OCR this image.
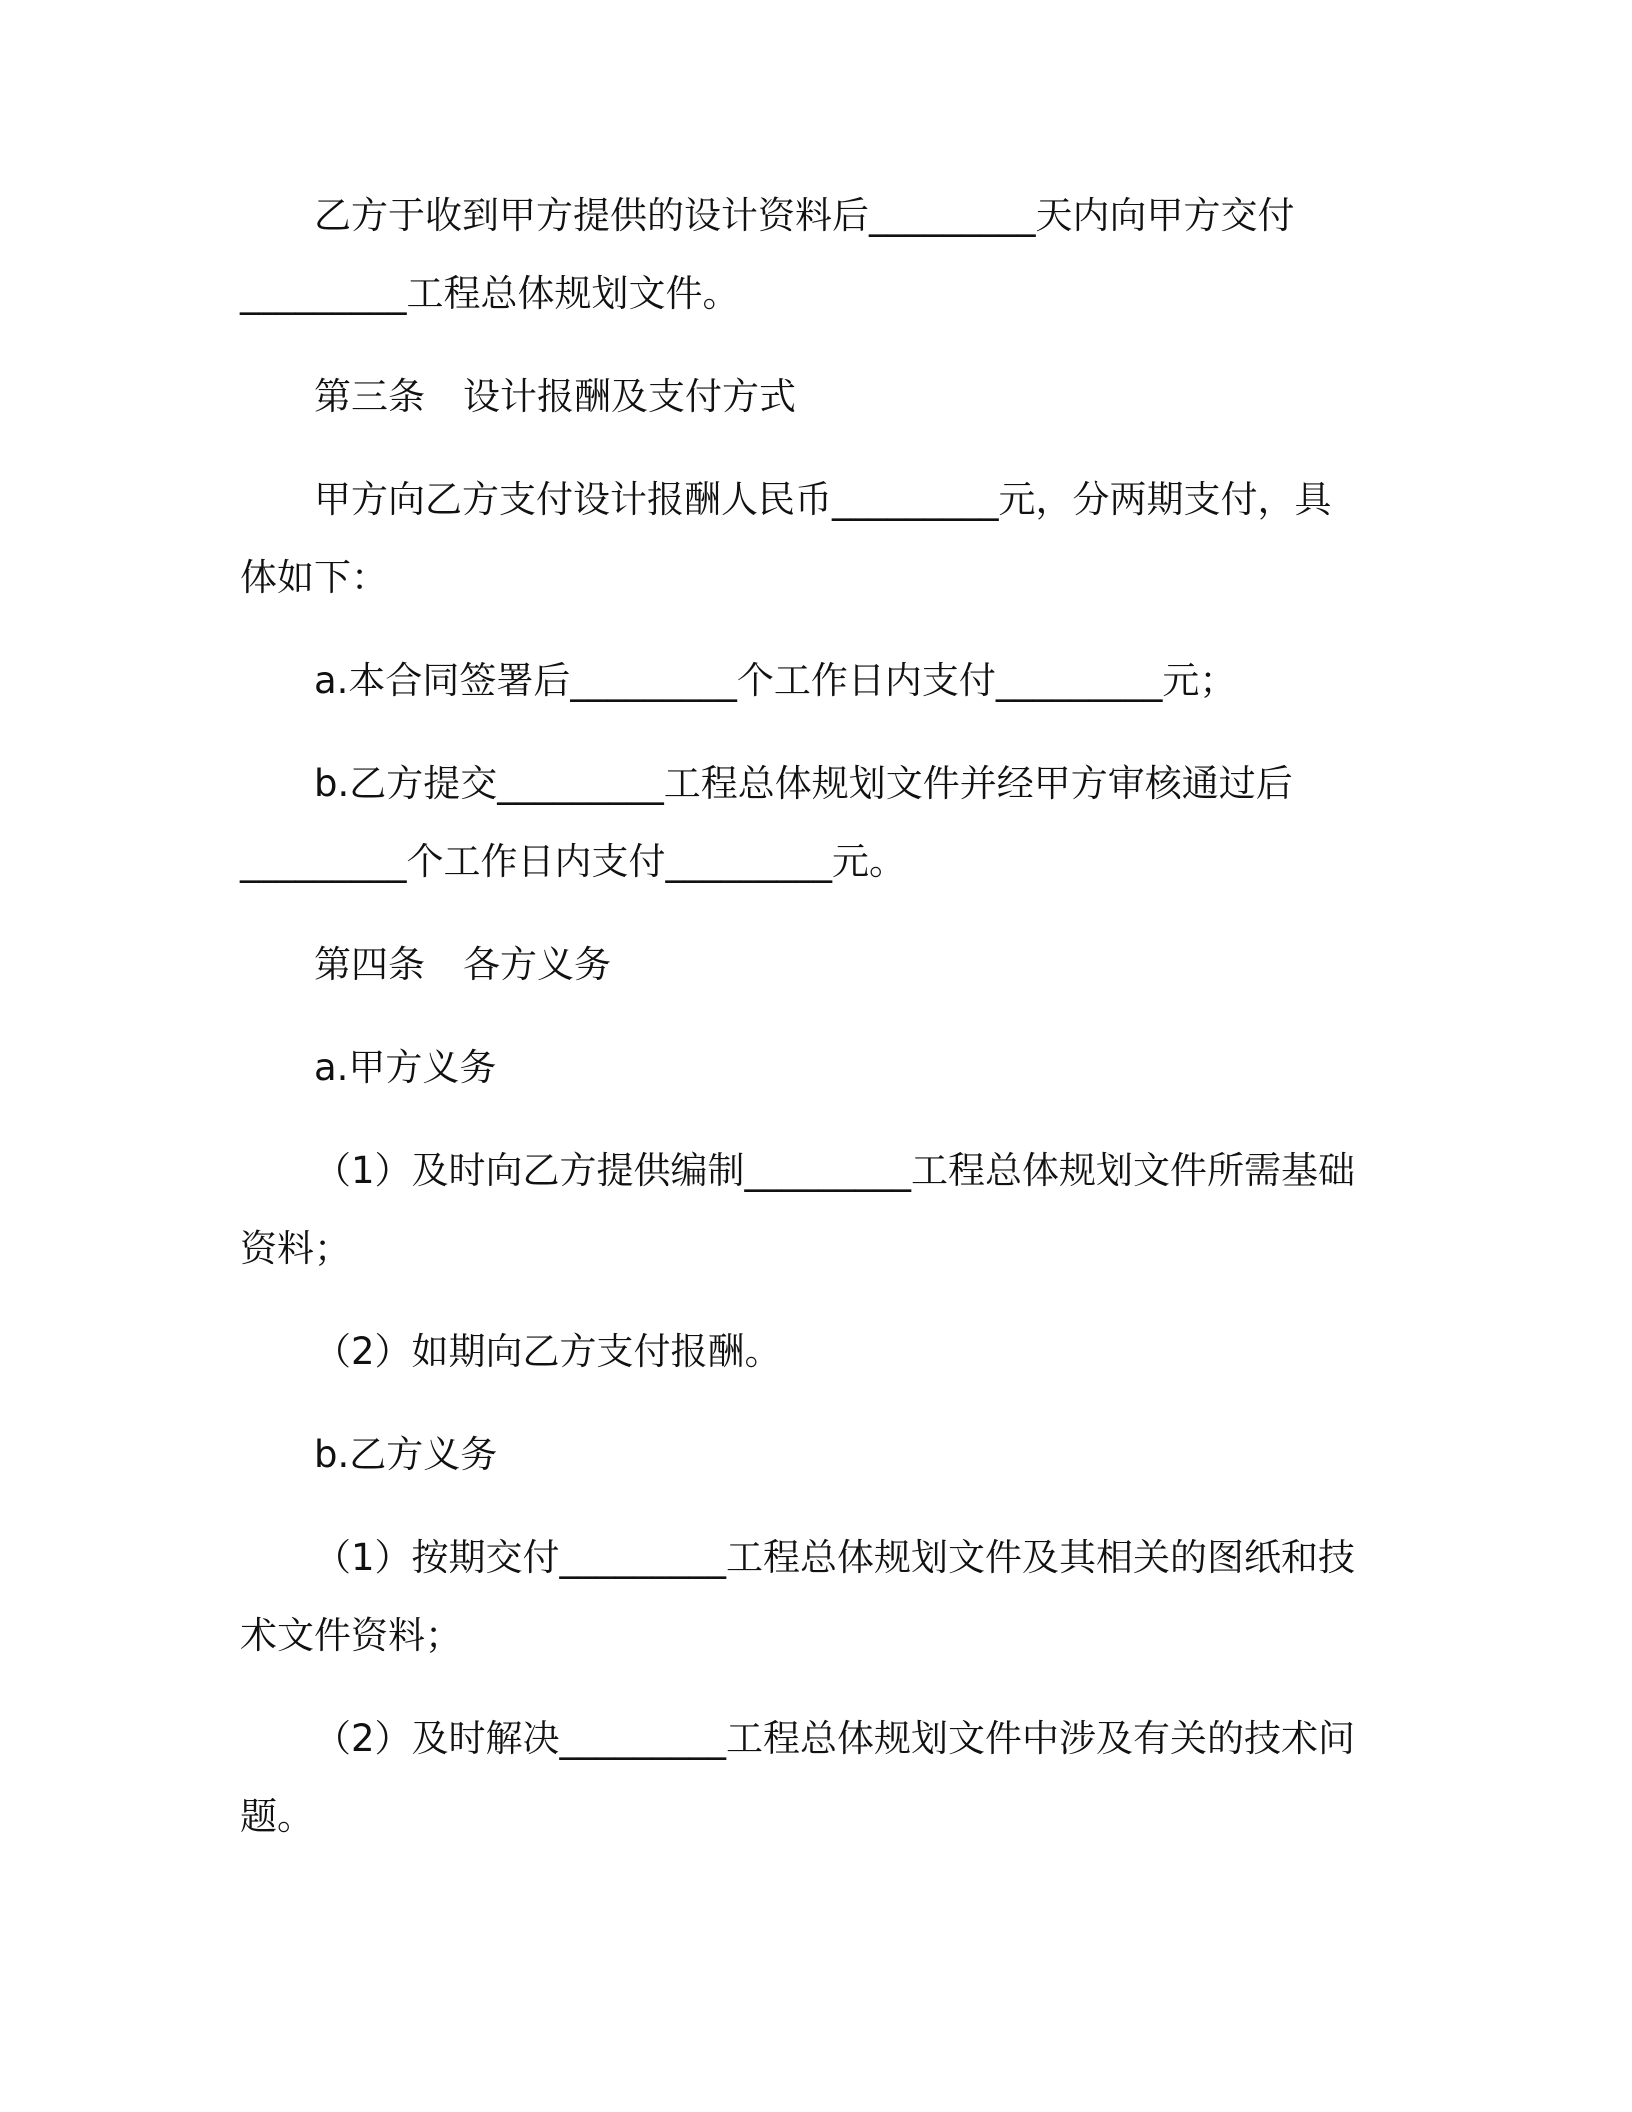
乙方于收到甲方提供的设计资料后_________天内向甲方交付

_________工程总体规划文件。

第三条 设计报酬及支付方式

甲方向乙方支付设计报酬人民币_________元，分两期支付，具

体如下：

a.本合同签署后_________个工作日内支付_________元；

b.乙方提交_________工程总体规划文件并经甲方审核通过后

_________个工作日内支付_________元。

第四条 各方义务

a.甲方义务

（1）及时向乙方提供编制_________工程总体规划文件所需基础

资料；

（2）如期向乙方支付报酬。

b.乙方义务

（1）按期交付_________工程总体规划文件及其相关的图纸和技

术文件资料；

（2）及时解决_________工程总体规划文件中涉及有关的技术问

题。
